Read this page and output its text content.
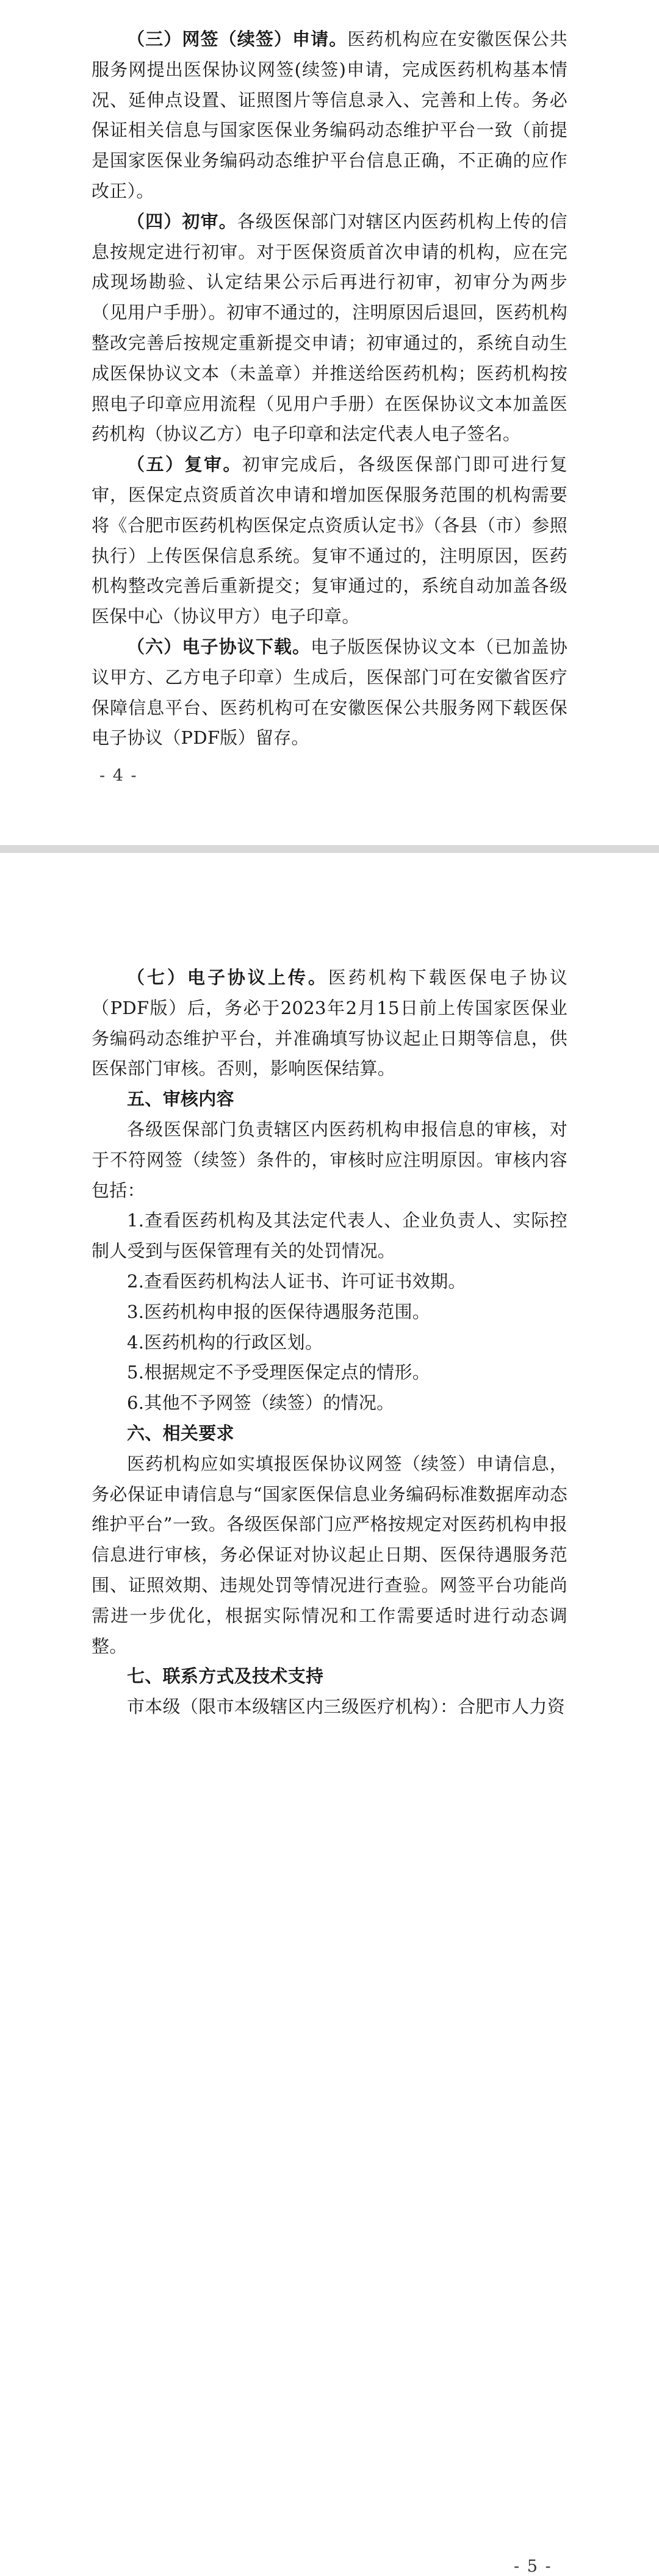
（三）网签（续签）申请。医药机构应在安徽医保公共服务网提出医保协议网签(续签)申请，完成医药机构基本情况、延伸点设置、证照图片等信息录入、完善和上传。务必保证相关信息与国家医保业务编码动态维护平台一致（前提是国家医保业务编码动态维护平台信息正确，不正确的应作改正）。

（四）初审。各级医保部门对辖区内医药机构上传的信息按规定进行初审。对于医保资质首次申请的机构，应在完成现场勘验、认定结果公示后再进行初审，初审分为两步（见用户手册）。初审不通过的，注明原因后退回，医药机构整改完善后按规定重新提交申请；初审通过的，系统自动生成医保协议文本（未盖章）并推送给医药机构；医药机构按照电子印章应用流程（见用户手册）在医保协议文本加盖医药机构（协议乙方）电子印章和法定代表人电子签名。

（五）复审。初审完成后，各级医保部门即可进行复审，医保定点资质首次申请和增加医保服务范围的机构需要将《合肥市医药机构医保定点资质认定书》（各县（市）参照执行）上传医保信息系统。复审不通过的，注明原因，医药机构整改完善后重新提交；复审通过的，系统自动加盖各级医保中心（协议甲方）电子印章。

（六）电子协议下载。电子版医保协议文本（已加盖协议甲方、乙方电子印章）生成后，医保部门可在安徽省医疗保障信息平台、医药机构可在安徽医保公共服务网下载医保电子协议（PDF版）留存。

- 4 -

（七）电子协议上传。医药机构下载医保电子协议（PDF版）后，务必于2023年2月15日前上传国家医保业务编码动态维护平台，并准确填写协议起止日期等信息，供医保部门审核。否则，影响医保结算。

五、审核内容

各级医保部门负责辖区内医药机构申报信息的审核，对于不符网签（续签）条件的，审核时应注明原因。审核内容包括：

1.查看医药机构及其法定代表人、企业负责人、实际控制人受到与医保管理有关的处罚情况。

2.查看医药机构法人证书、许可证书效期。

3.医药机构申报的医保待遇服务范围。

4.医药机构的行政区划。

5.根据规定不予受理医保定点的情形。

6.其他不予网签（续签）的情况。

六、相关要求

医药机构应如实填报医保协议网签（续签）申请信息，务必保证申请信息与“国家医保信息业务编码标准数据库动态维护平台”一致。各级医保部门应严格按规定对医药机构申报信息进行审核，务必保证对协议起止日期、医保待遇服务范围、证照效期、违规处罚等情况进行查验。网签平台功能尚需进一步优化，根据实际情况和工作需要适时进行动态调整。

七、联系方式及技术支持

市本级（限市本级辖区内三级医疗机构）：合肥市人力资

- 5 -
